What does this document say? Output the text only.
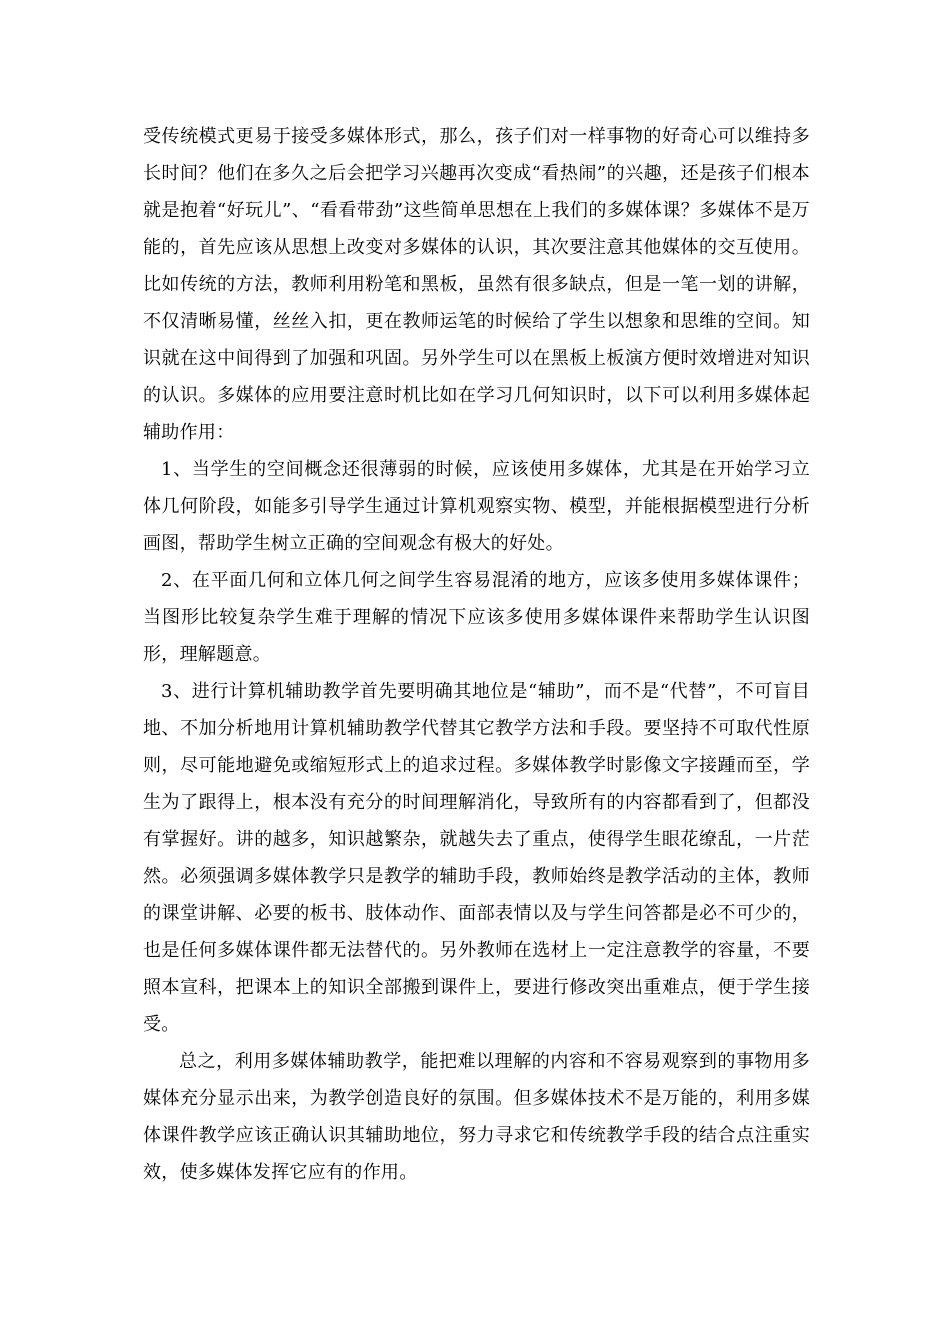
受传统模式更易于接受多媒体形式，那么，孩子们对一样事物的好奇心可以维持多长时间？他们在多久之后会把学习兴趣再次变成“看热闹”的兴趣，还是孩子们根本就是抱着“好玩儿”、“看看带劲”这些简单思想在上我们的多媒体课？多媒体不是万能的，首先应该从思想上改变对多媒体的认识，其次要注意其他媒体的交互使用。比如传统的方法，教师利用粉笔和黑板，虽然有很多缺点，但是一笔一划的讲解，不仅清晰易懂，丝丝入扣，更在教师运笔的时候给了学生以想象和思维的空间。知识就在这中间得到了加强和巩固。另外学生可以在黑板上板演方便时效增进对知识的认识。多媒体的应用要注意时机比如在学习几何知识时，以下可以利用多媒体起辅助作用：

1、当学生的空间概念还很薄弱的时候，应该使用多媒体，尤其是在开始学习立体几何阶段，如能多引导学生通过计算机观察实物、模型，并能根据模型进行分析画图，帮助学生树立正确的空间观念有极大的好处。

2、在平面几何和立体几何之间学生容易混淆的地方，应该多使用多媒体课件；当图形比较复杂学生难于理解的情况下应该多使用多媒体课件来帮助学生认识图形，理解题意。

3、进行计算机辅助教学首先要明确其地位是“辅助”，而不是“代替”，不可盲目地、不加分析地用计算机辅助教学代替其它教学方法和手段。要坚持不可取代性原则，尽可能地避免或缩短形式上的追求过程。多媒体教学时影像文字接踵而至，学生为了跟得上，根本没有充分的时间理解消化，导致所有的内容都看到了，但都没有掌握好。讲的越多，知识越繁杂，就越失去了重点，使得学生眼花缭乱，一片茫然。必须强调多媒体教学只是教学的辅助手段，教师始终是教学活动的主体，教师的课堂讲解、必要的板书、肢体动作、面部表情以及与学生问答都是必不可少的，也是任何多媒体课件都无法替代的。另外教师在选材上一定注意教学的容量，不要照本宣科，把课本上的知识全部搬到课件上，要进行修改突出重难点，便于学生接受。

总之，利用多媒体辅助教学，能把难以理解的内容和不容易观察到的事物用多媒体充分显示出来，为教学创造良好的氛围。但多媒体技术不是万能的，利用多媒体课件教学应该正确认识其辅助地位，努力寻求它和传统教学手段的结合点注重实效，使多媒体发挥它应有的作用。
